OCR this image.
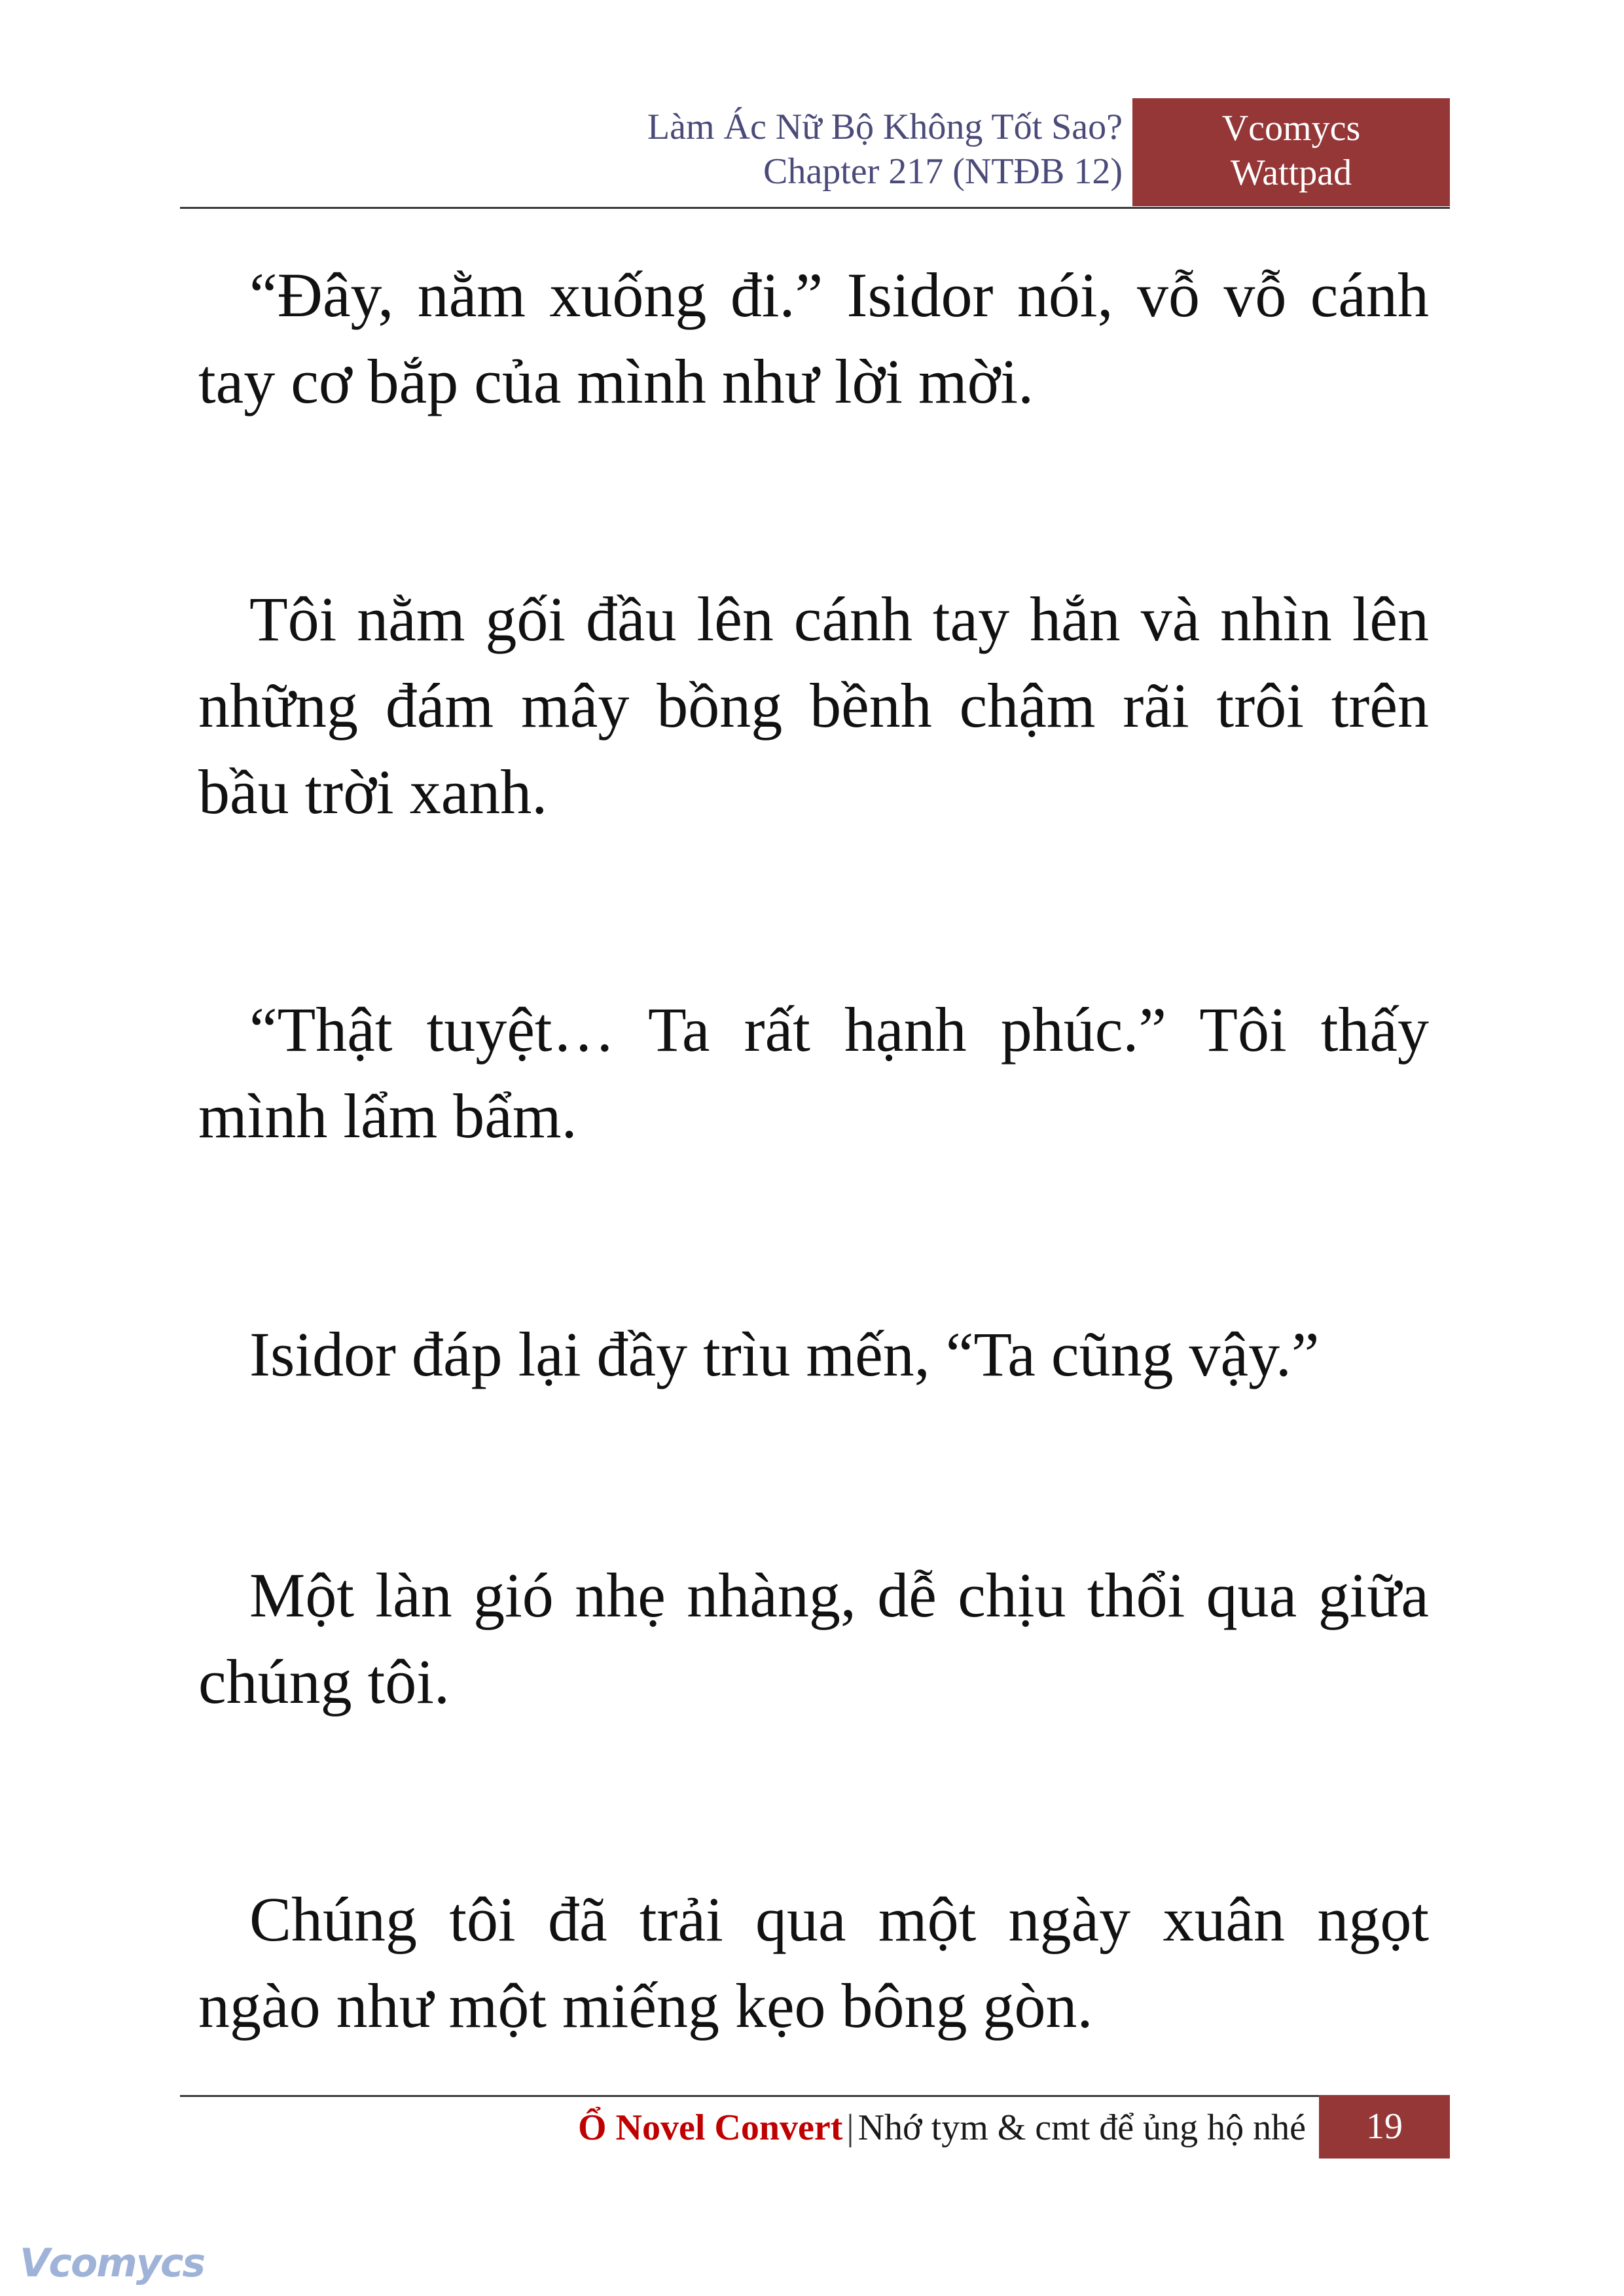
Làm Ác Nữ Bộ Không Tốt Sao?
Chapter 217 (NTĐB 12)
Vcomycs
Wattpad

“Đây, nằm xuống đi.” Isidor nói, vỗ vỗ cánh tay cơ bắp của mình như lời mời.

Tôi nằm gối đầu lên cánh tay hắn và nhìn lên những đám mây bồng bềnh chậm rãi trôi trên bầu trời xanh.

“Thật tuyệt… Ta rất hạnh phúc.” Tôi thấy mình lẩm bẩm.

Isidor đáp lại đầy trìu mến, “Ta cũng vậy.”

Một làn gió nhẹ nhàng, dễ chịu thổi qua giữa chúng tôi.

Chúng tôi đã trải qua một ngày xuân ngọt ngào như một miếng kẹo bông gòn.

Ổ Novel Convert | Nhớ tym & cmt để ủng hộ nhé	19
Vcomycs
